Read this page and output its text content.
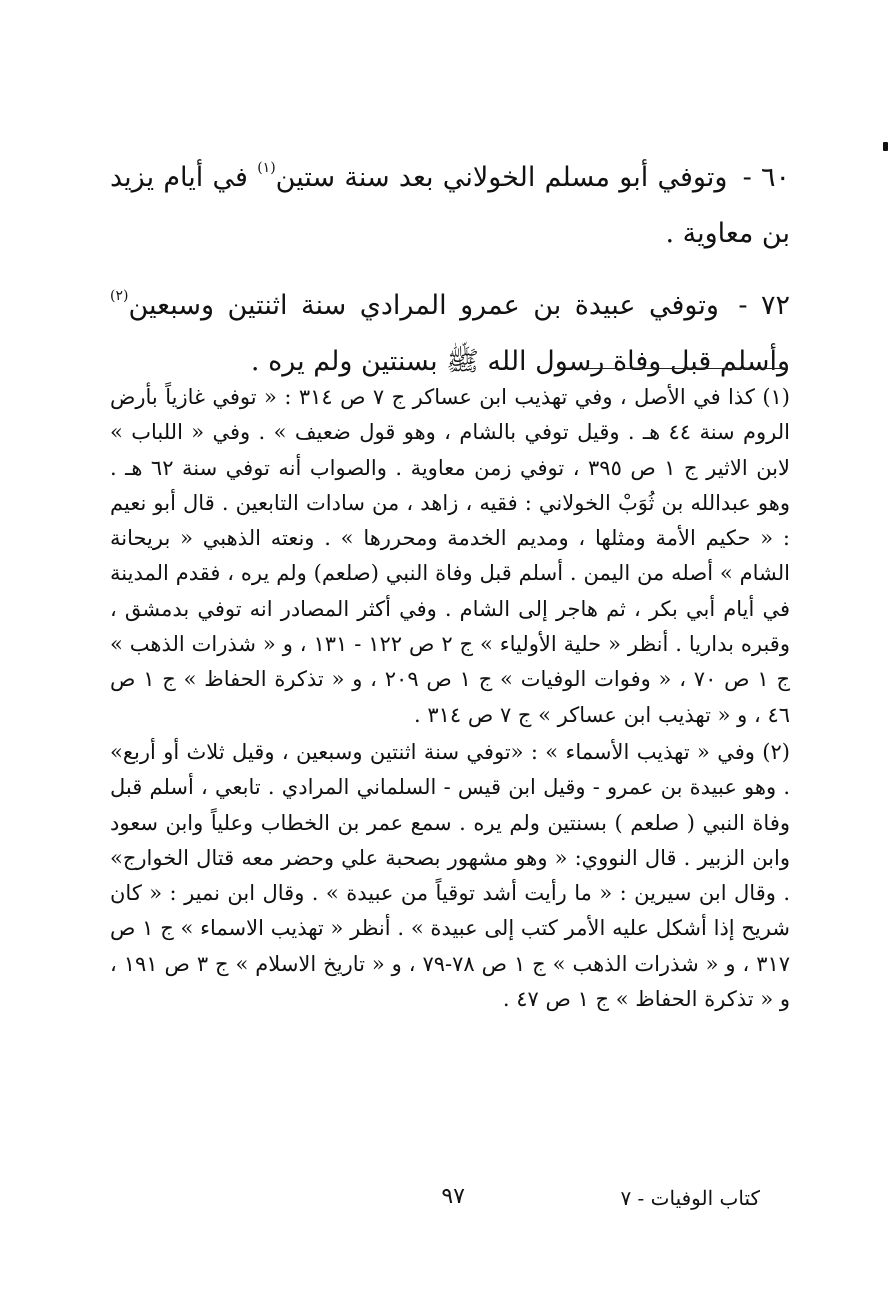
٦٠ - وتوفي أبو مسلم الخولاني بعد سنة ستين$^{(١)}$ في أيام يزيد بن معاوية .

٧٢ - وتوفي عبيدة بن عمرو المرادي سنة اثنتين وسبعين$^{(٢)}$ وأسلم قبل وفاة رسول الله ﷺ بسنتين ولم يره .

(١) كذا في الأصل ، وفي تهذيب ابن عساكر ج ٧ ص ٣١٤ : « توفي غازياً بأرض الروم سنة ٤٤ هـ . وقيل توفي بالشام ، وهو قول ضعيف » . وفي « اللباب » لابن الاثير ج ١ ص ٣٩٥ ، توفي زمن معاوية . والصواب أنه توفي سنة ٦٢ هـ . وهو عبدالله بن ثُوَبْ الخولاني : فقيه ، زاهد ، من سادات التابعين . قال أبو نعيم : « حكيم الأمة ومثلها ، ومديم الخدمة ومحررها » . ونعته الذهبي « بريحانة الشام » أصله من اليمن . أسلم قبل وفاة النبي (صلعم) ولم يره ، فقدم المدينة في أيام أبي بكر ، ثم هاجر إلى الشام . وفي أكثر المصادر انه توفي بدمشق ، وقبره بداريا . أنظر « حلية الأولياء » ج ٢ ص ١٢٢ - ١٣١ ، و « شذرات الذهب » ج ١ ص ٧٠ ، « وفوات الوفيات » ج ١ ص ٢٠٩ ، و « تذكرة الحفاظ » ج ١ ص ٤٦ ، و « تهذيب ابن عساكر » ج ٧ ص ٣١٤ .

(٢) وفي « تهذيب الأسماء » : «توفي سنة اثنتين وسبعين ، وقيل ثلاث أو أربع» . وهو عبيدة بن عمرو - وقيل ابن قيس - السلماني المرادي . تابعي ، أسلم قبل وفاة النبي ( صلعم ) بسنتين ولم يره . سمع عمر بن الخطاب وعلياً وابن سعود وابن الزبير . قال النووي: « وهو مشهور بصحبة علي وحضر معه قتال الخوارج» . وقال ابن سيرين : « ما رأيت أشد توقياً من عبيدة » . وقال ابن نمير : « كان شريح إذا أشكل عليه الأمر كتب إلى عبيدة » . أنظر « تهذيب الاسماء » ج ١ ص ٣١٧ ، و « شذرات الذهب » ج ١ ص ٧٨-٧٩ ، و « تاريخ الاسلام » ج ٣ ص ١٩١ ، و « تذكرة الحفاظ » ج ١ ص ٤٧ .

كتاب الوفيات - ٧
٩٧
